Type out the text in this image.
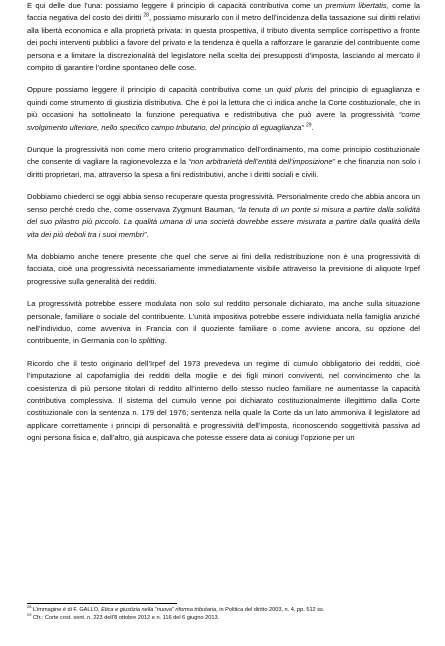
E qui delle due l’una: possiamo leggere il principio di capacità contributiva come un premium libertatis, come la faccia negativa del costo dei diritti $^{28}$, possiamo misurarlo con il metro dell’incidenza della tassazione sui diritti relativi alla libertà economica e alla proprietà privata: in questa prospettiva, il tributo diventa semplice corrispettivo a fronte dei pochi interventi pubblici a favore del privato e la tendenza è quella a rafforzare le garanzie del contribuente come persona e a limitare la discrezionalità del legislatore nella scelta dei presupposti d’imposta, lasciando al mercato il compito di garantire l’ordine spontaneo delle cose.

Oppure possiamo leggere il principio di capacità contributiva come un quid pluris del principio di eguaglianza e quindi come strumento di giustizia distributiva. Che è poi la lettura che ci indica anche la Corte costituzionale, che in più occasioni ha sottolineato la funzione perequativa e redistributiva che può avere la progressività “come svolgimento ulteriore, nello specifico campo tributario, del principio di eguaglianza” $^{29}$.

Dunque la progressività non come mero criterio programmatico dell’ordinamento, ma come principio costituzionale che consente di vagliare la ragionevolezza e la “non arbitrarietà dell’entità dell’imposizione” e che finanzia non solo i diritti proprietari, ma, attraverso la spesa a fini redistributivi, anche i diritti sociali e civili.

Dobbiamo chiederci se oggi abbia senso recuperare questa progressività. Personalmente credo che abbia ancora un senso perché credo che, come osservava Zygmunt Bauman, “la tenuta di un ponte si misura a partire dalla solidità del suo pilastro più piccolo. La qualità umana di una società dovrebbe essere misurata a partire dalla qualità della vita dei più deboli tra i suoi membri”.

Ma dobbiamo anche tenere presente che quel che serve ai fini della redistribuzione non è una progressività di facciata, cioè una progressività necessariamente immediatamente visibile attraverso la previsione di aliquote Irpef progressive sulla generalità dei redditi.

La progressività potrebbe essere modulata non solo sul reddito personale dichiarato, ma anche sulla situazione personale, familiare o sociale del contribuente. L’unità impositiva potrebbe essere individuata nella famiglia anziché nell’individuo, come avveniva in Francia con il quoziente familiare o come avviene ancora, su opzione del contribuente, in Germania con lo splitting.

Ricordo che il testo originario dell’Irpef del 1973 prevedeva un regime di cumulo obbligatorio dei redditi, cioè l’imputazione al capofamiglia dei redditi della moglie e dei figli minori conviventi, nel convincimento che la coesistenza di più persone titolari di reddito all’interno dello stesso nucleo familiare ne aumentasse la capacità contributiva complessiva. Il sistema del cumulo venne poi dichiarato costituzionalmente illegittimo dalla Corte costituzionale con la sentenza n. 179 del 1976; sentenza nella quale la Corte da un lato ammoniva il legislatore ad applicare correttamente i principi di personalità e progressività dell’imposta, riconoscendo soggettività passiva ad ogni persona fisica e, dall’altro, già auspicava che potesse essere data ai coniugi l’opzione per un

$^{28}$ L’immagine è di F. GALLO, Etica e giustizia nella “nuova” riforma tributaria, in Politica del diritto 2003, n. 4, pp. 512 ss.

$^{29}$ Cfr.: Corte cost. sent. n. 223 dell’8 ottobre 2012 e n. 116 del 6 giugno 2013.
